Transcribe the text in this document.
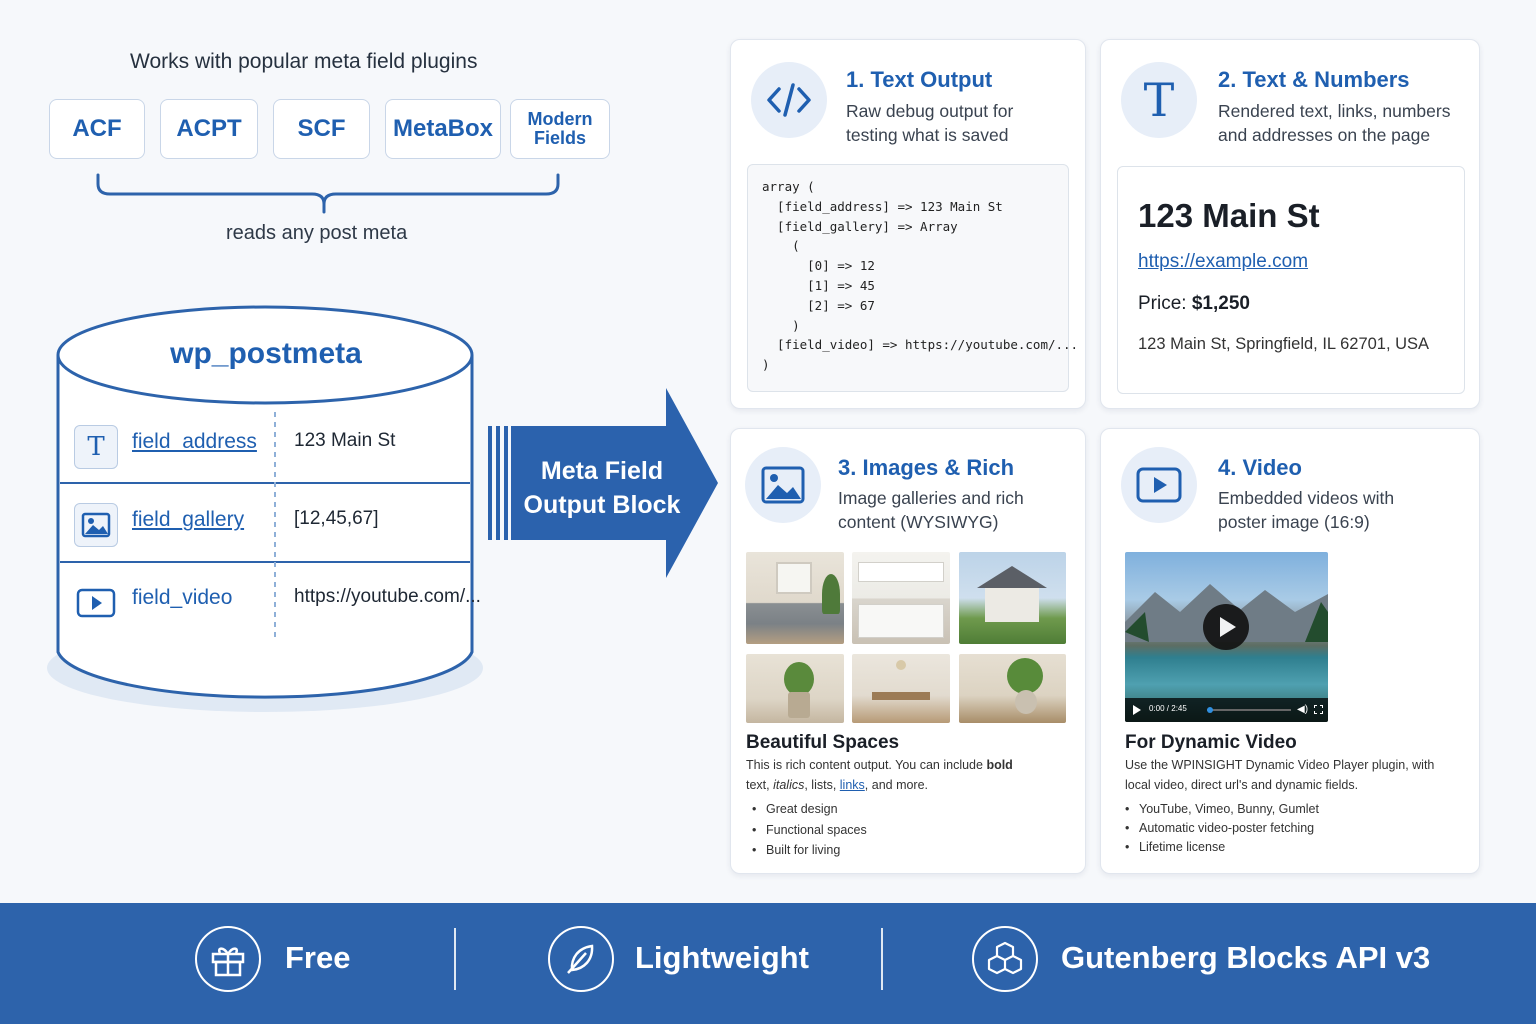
Works with popular meta field plugins
ACF	ACPT	SCF	MetaBox	Modern Fields
reads any post meta
wp_postmeta
T field_address 123 Main St
field_gallery	[12,45,67]
field_video	https://youtube.com/...
Meta Field
Output Block
1. Text Output
Raw debug output for
testing what is saved
array (
[field_address] => 123 Main St
[field_gallery] => Array
(
[0] => 12
[1] => 45
[2] => 67
)
[field_video] => https://youtube.com/...
)
T 2. Text & Numbers
Rendered text, links, numbers
and addresses on the page
123 Main St
https://example.com
Price: $1,250
123 Main St, Springfield, IL 62701, USA
3. Images & Rich
Image galleries and rich
content (WYSIWYG)
Beautiful Spaces
This is rich content output. You can include bold
text, italics, lists, links, and more.
• Great design
• Functional spaces
• Built for living
4. Video
Embedded videos with
poster image (16:9)
0:00 / 2:45	◀)
For Dynamic Video
Use the WPINSIGHT Dynamic Video Player plugin, with
local video, direct url's and dynamic fields.
• YouTube, Vimeo, Bunny, Gumlet
• Automatic video-poster fetching
• Lifetime license
Free	Lightweight	Gutenberg Blocks API v3
